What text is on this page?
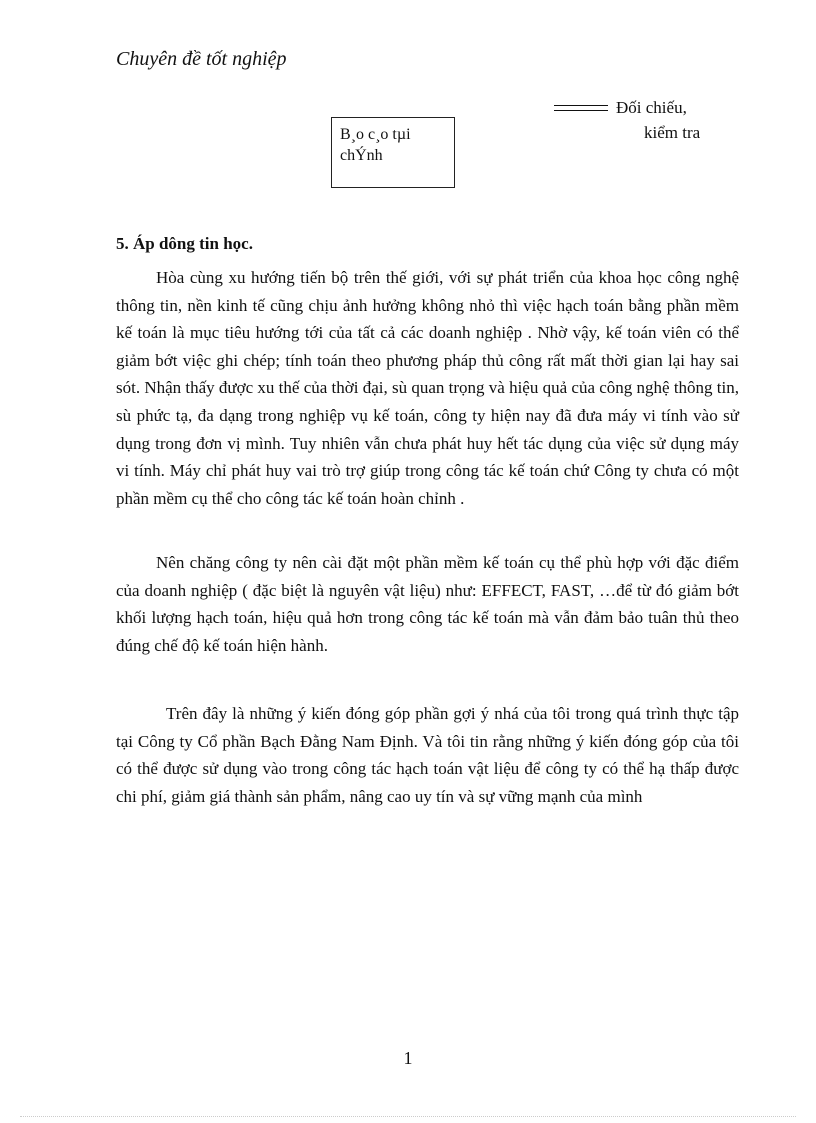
Chuyên đề tốt nghiệp
Đối chiếu,
kiểm tra
B¸o c¸o tµi
chÝnh
5. Áp dông tin học.

Hòa cùng xu hướng tiến bộ trên thế giới, với sự phát triển của khoa học công nghệ thông tin, nền kinh tế cũng chịu ảnh hưởng không nhỏ thì việc hạch toán bằng phần mềm kế toán là mục tiêu hướng tới của tất cả các doanh nghiệp . Nhờ vậy, kế toán viên có thể giảm bớt việc ghi chép; tính toán theo phương pháp thủ công rất mất thời gian lại hay sai sót. Nhận thấy được xu thế của thời đại, sù quan trọng và hiệu quả của công nghệ thông tin, sù phức tạ, đa dạng trong nghiệp vụ kế toán, công ty hiện nay đã đưa máy vi tính vào sử dụng trong đơn vị mình. Tuy nhiên vẫn chưa phát huy hết tác dụng của việc sử dụng máy vi tính. Máy chỉ phát huy vai trò trợ giúp trong công tác kế toán chứ Công ty chưa có một phần mềm cụ thể cho công tác kế toán hoàn chỉnh .

Nên chăng công ty nên cài đặt một phần mềm kế toán cụ thể phù hợp với đặc điểm của doanh nghiệp ( đặc biệt là nguyên vật liệu) như: EFFECT, FAST, …để từ đó giảm bớt khối lượng hạch toán, hiệu quả hơn trong công tác kế toán mà vẫn đảm bảo tuân thủ theo đúng chế độ kế toán hiện hành.

Trên đây là những ý kiến đóng góp phần gợi ý nhá của tôi trong quá trình thực tập tại Công ty Cổ phần Bạch Đằng Nam Định. Và tôi tin rằng những ý kiến đóng góp của tôi có thể được sử dụng vào trong công tác hạch toán vật liệu để công ty có thể hạ thấp được chi phí, giảm giá thành sản phẩm, nâng cao uy tín và sự vững mạnh của mình

1
